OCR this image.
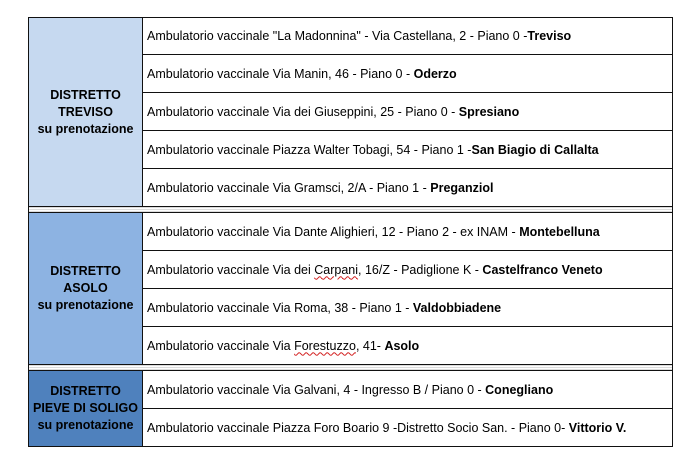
DISTRETTO
TREVISO
su prenotazione
Ambulatorio vaccinale "La Madonnina" - Via Castellana, 2 - Piano 0 - Treviso
Ambulatorio vaccinale Via Manin, 46 - Piano 0 -
Oderzo
Ambulatorio vaccinale Via dei Giuseppini, 25 - Piano 0 -
Spresiano
Ambulatorio vaccinale Piazza Walter Tobagi, 54 - Piano 1 - San Biagio di Callalta
Ambulatorio vaccinale Via Gramsci, 2/A - Piano 1 -
Preganziol
DISTRETTO
ASOLO
su prenotazione
Ambulatorio vaccinale Via Dante Alighieri, 12 - Piano 2 - ex INAM -
Montebelluna
Ambulatorio vaccinale Via dei
Carpani , 16/Z - Padiglione K -
Castelfranco Veneto
Ambulatorio vaccinale Via Roma, 38 - Piano 1 -
Valdobbiadene
Ambulatorio vaccinale Via
Forestuzzo , 41-
Asolo
DISTRETTO
PIEVE DI SOLIGO
su prenotazione
Ambulatorio vaccinale Via Galvani, 4 - Ingresso B / Piano 0 -
Conegliano
Ambulatorio vaccinale Piazza Foro Boario 9 -Distretto Socio San. - Piano 0-
Vittorio V.
